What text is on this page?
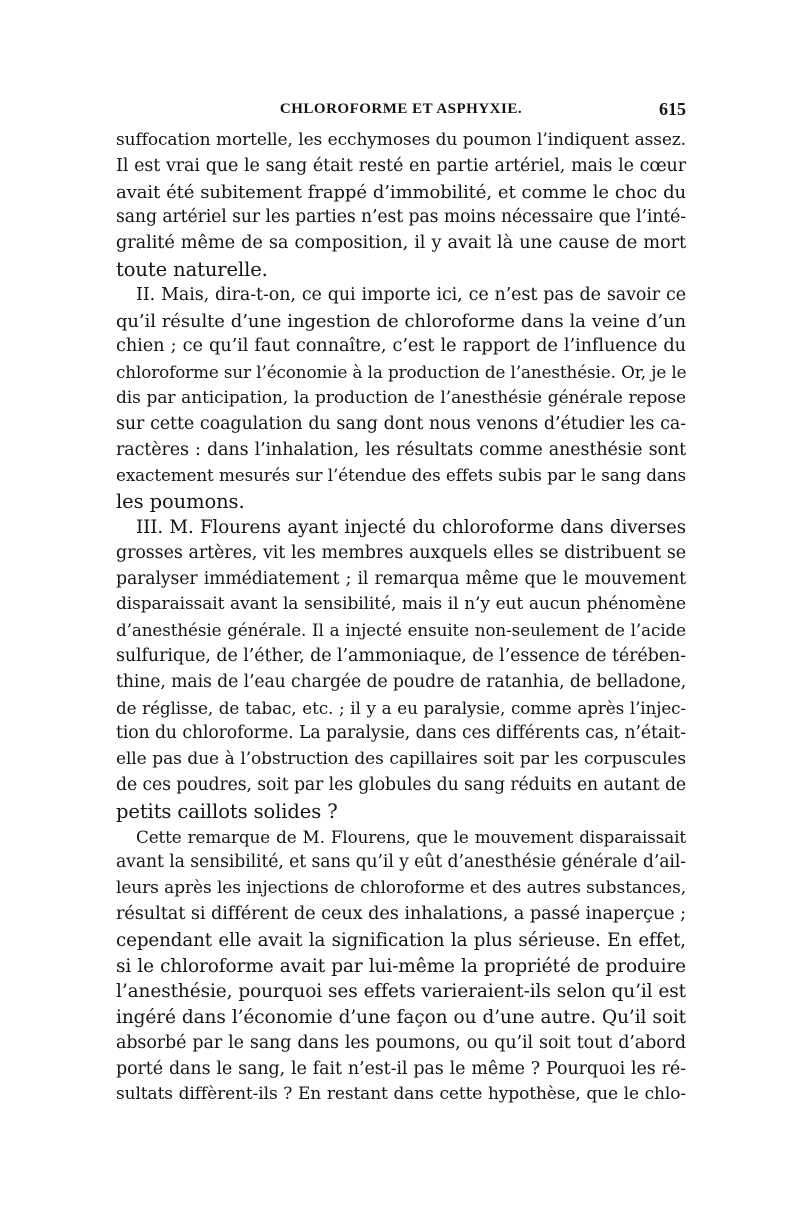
CHLOROFORME ET ASPHYXIE.	615
suffocation mortelle, les ecchymoses du poumon l’indiquent assez.
Il est vrai que le sang était resté en partie artériel, mais le cœur
avait été subitement frappé d’immobilité, et comme le choc du
sang artériel sur les parties n’est pas moins nécessaire que l’inté-
gralité même de sa composition, il y avait là une cause de mort
toute naturelle.
II. Mais, dira-t-on, ce qui importe ici, ce n’est pas de savoir ce
qu’il résulte d’une ingestion de chloroforme dans la veine d’un
chien ; ce qu’il faut connaître, c’est le rapport de l’influence du
chloroforme sur l’économie à la production de l’anesthésie. Or, je le
dis par anticipation, la production de l’anesthésie générale repose
sur cette coagulation du sang dont nous venons d’étudier les ca-
ractères : dans l’inhalation, les résultats comme anesthésie sont
exactement mesurés sur l’étendue des effets subis par le sang dans
les poumons.
III. M. Flourens ayant injecté du chloroforme dans diverses
grosses artères, vit les membres auxquels elles se distribuent se
paralyser immédiatement ; il remarqua même que le mouvement
disparaissait avant la sensibilité, mais il n’y eut aucun phénomène
d’anesthésie générale. Il a injecté ensuite non-seulement de l’acide
sulfurique, de l’éther, de l’ammoniaque, de l’essence de térében-
thine, mais de l’eau chargée de poudre de ratanhia, de belladone,
de réglisse, de tabac, etc. ; il y a eu paralysie, comme après l’injec-
tion du chloroforme. La paralysie, dans ces différents cas, n’était-
elle pas due à l’obstruction des capillaires soit par les corpuscules
de ces poudres, soit par les globules du sang réduits en autant de
petits caillots solides ?
Cette remarque de M. Flourens, que le mouvement disparaissait
avant la sensibilité, et sans qu’il y eût d’anesthésie générale d’ail-
leurs après les injections de chloroforme et des autres substances,
résultat si différent de ceux des inhalations, a passé inaperçue ;
cependant elle avait la signification la plus sérieuse. En effet,
si le chloroforme avait par lui-même la propriété de produire
l’anesthésie, pourquoi ses effets varieraient-ils selon qu’il est
ingéré dans l’économie d’une façon ou d’une autre. Qu’il soit
absorbé par le sang dans les poumons, ou qu’il soit tout d’abord
porté dans le sang, le fait n’est-il pas le même ? Pourquoi les ré-
sultats diffèrent-ils ? En restant dans cette hypothèse, que le chlo-
